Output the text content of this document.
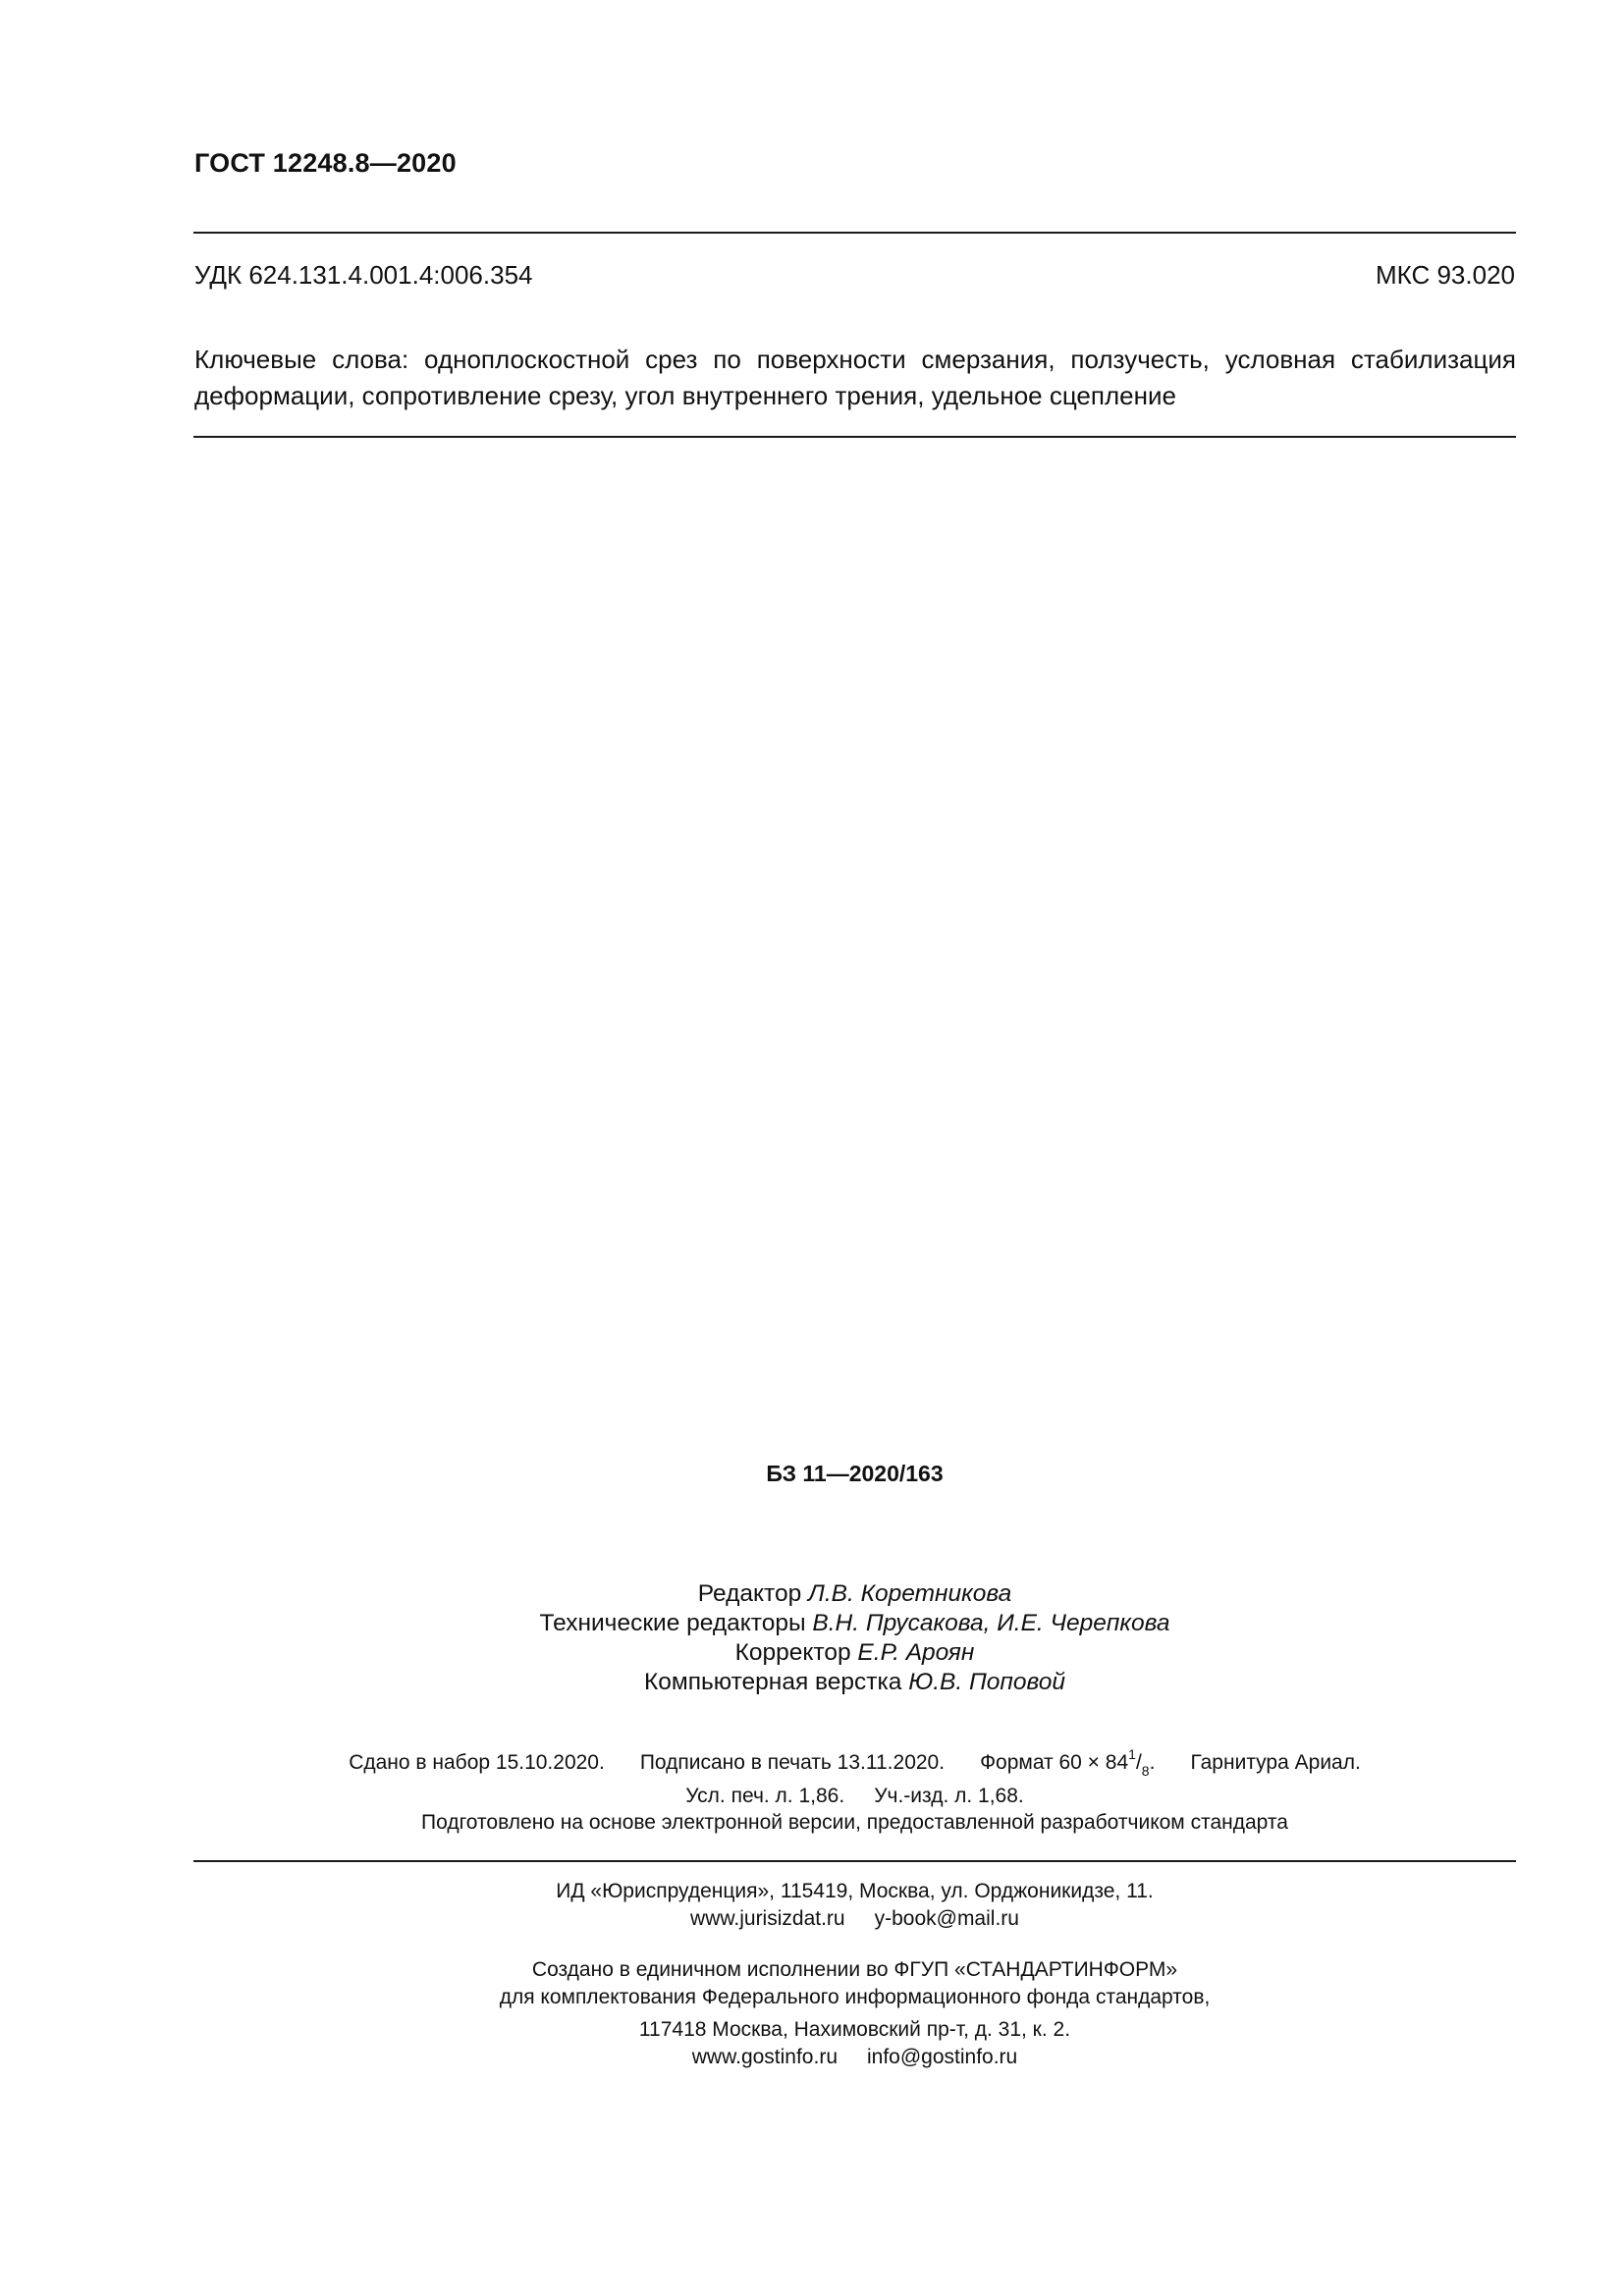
ГОСТ 12248.8—2020
УДК 624.131.4.001.4:006.354	МКС 93.020
Ключевые слова: одноплоскостной срез по поверхности смерзания, ползучесть, условная стабилизация деформации, сопротивление срезу, угол внутреннего трения, удельное сцепление
БЗ 11—2020/163
Редактор Л.В. Коретникова
Технические редакторы В.Н. Прусакова, И.Е. Черепкова
Корректор Е.Р. Ароян
Компьютерная верстка Ю.В. Поповой
Сдано в набор 15.10.2020. Подписано в печать 13.11.2020. Формат $60 \times 84^1/_8$. Гарнитура Ариал.
Усл. печ. л. 1,86. Уч.-изд. л. 1,68.
Подготовлено на основе электронной версии, предоставленной разработчиком стандарта
ИД «Юриспруденция», 115419, Москва, ул. Орджоникидзе, 11.
www.jurisizdat.ru y-book@mail.ru
Создано в единичном исполнении во ФГУП «СТАНДАРТИНФОРМ»
для комплектования Федерального информационного фонда стандартов,
117418 Москва, Нахимовский пр-т, д. 31, к. 2.
www.gostinfo.ru info@gostinfo.ru
